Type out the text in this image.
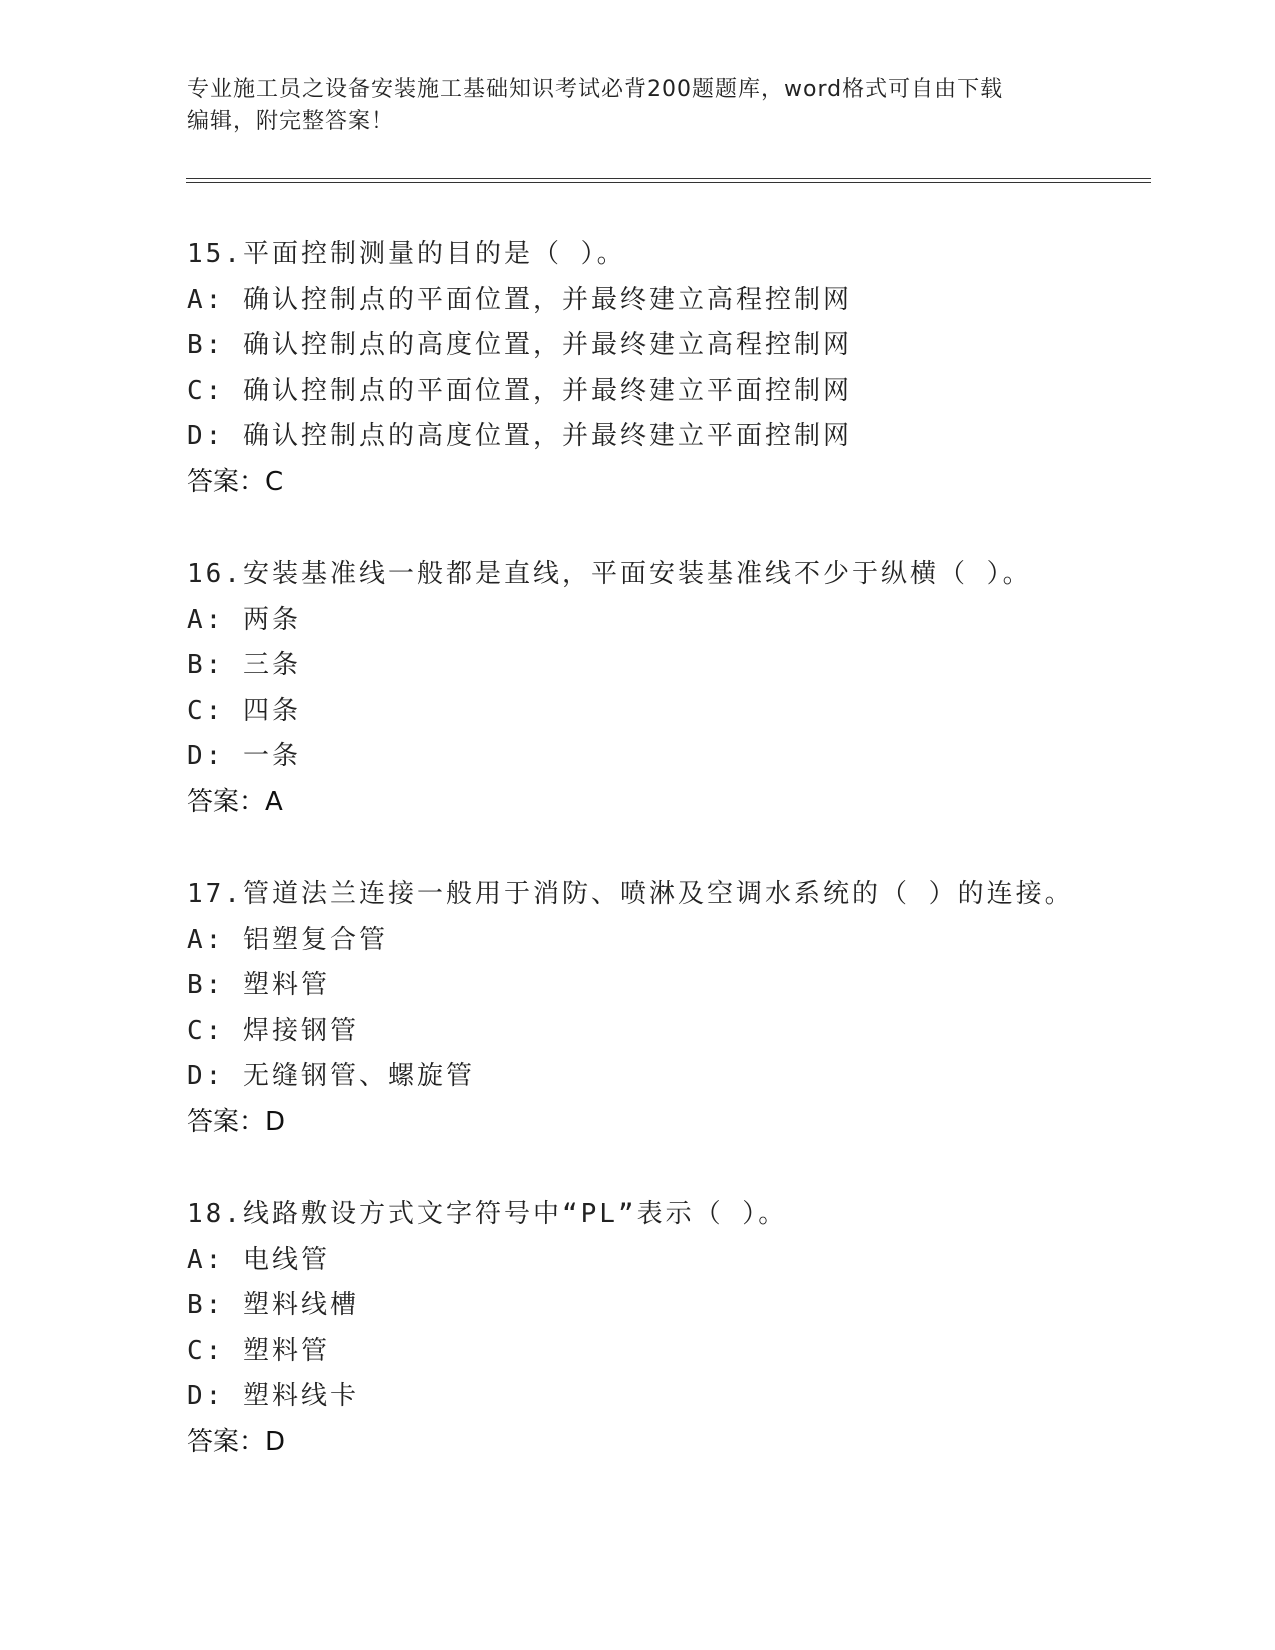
专业施工员之设备安装施工基础知识考试必背200题题库，word格式可自由下载
编辑，附完整答案！
15.平面控制测量的目的是（ ）。
A: 确认控制点的平面位置，并最终建立高程控制网
B: 确认控制点的高度位置，并最终建立高程控制网
C: 确认控制点的平面位置，并最终建立平面控制网
D: 确认控制点的高度位置，并最终建立平面控制网
答案：C
16.安装基准线一般都是直线，平面安装基准线不少于纵横（ ）。
A: 两条
B: 三条
C: 四条
D: 一条
答案：A
17.管道法兰连接一般用于消防、喷淋及空调水系统的（ ）的连接。
A: 铝塑复合管
B: 塑料管
C: 焊接钢管
D: 无缝钢管、螺旋管
答案：D
18.线路敷设方式文字符号中“PL”表示（ ）。
A: 电线管
B: 塑料线槽
C: 塑料管
D: 塑料线卡
答案：D
